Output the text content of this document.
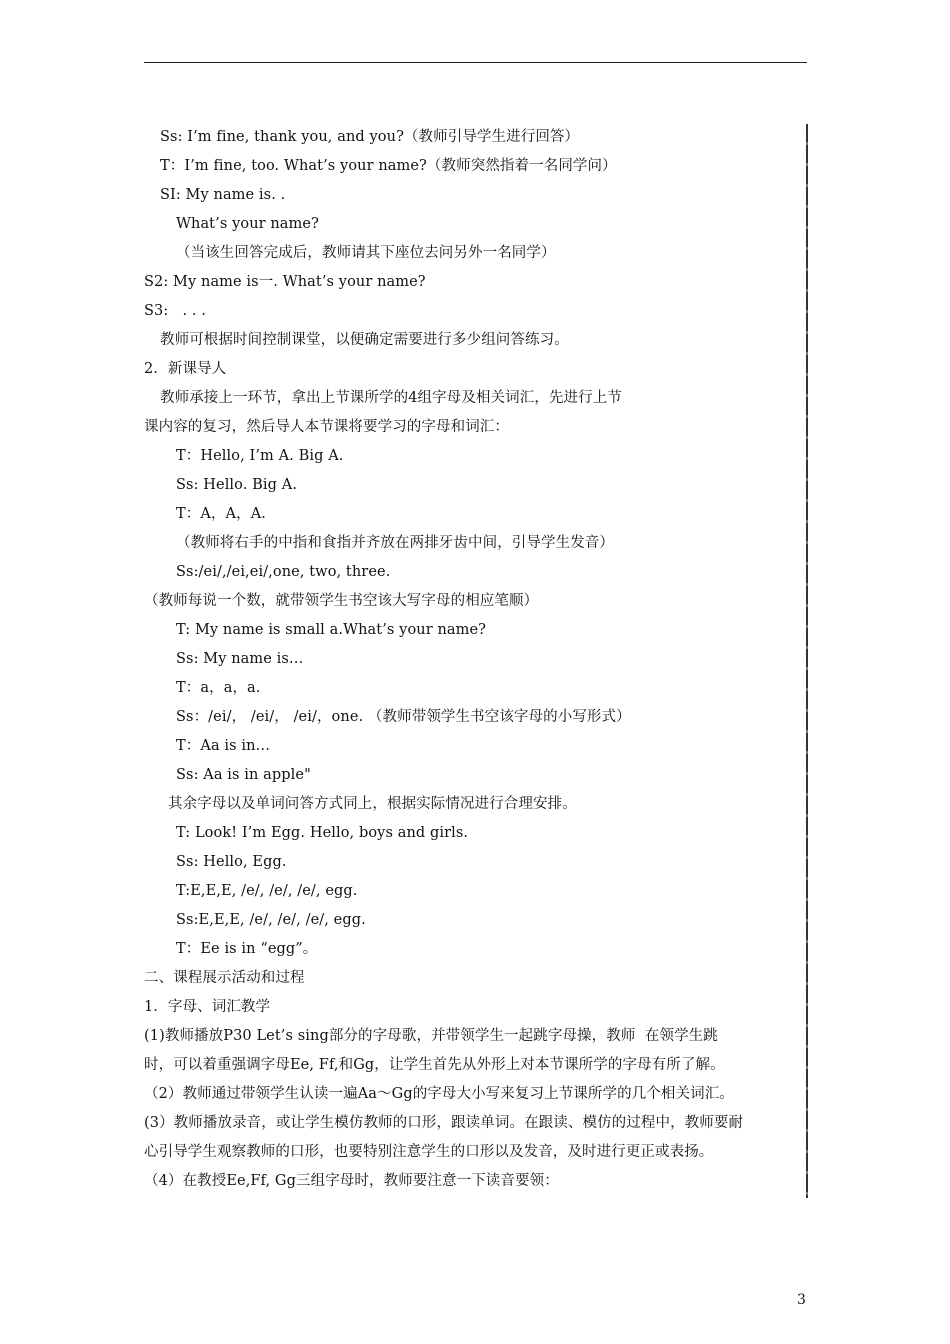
Ss: I’m fine, thank you, and you?（教师引导学生进行回答）
T：I’m fine, too. What’s your name?（教师突然指着一名同学问）
SI: My name is. .
What’s your name?
（当该生回答完成后，教师请其下座位去问另外一名同学）
S2: My name is一. What’s your name?
S3:   . . .
教师可根据时间控制课堂，以便确定需要进行多少组问答练习。
2．新课导人
教师承接上一环节，拿出上节课所学的4组字母及相关词汇，先进行上节
课内容的复习，然后导人本节课将要学习的字母和词汇：
T：Hello, I’m A. Big A.
Ss: Hello. Big A.
T：A，A，A.
（教师将右手的中指和食指并齐放在两排牙齿中间，引导学生发音）
Ss:/ei/,/ei,ei/,one, two, three.
（教师每说一个数，就带领学生书空该大写字母的相应笔顺）
T: My name is small a.What’s your name?
Ss: My name is…
T：a，a，a.
Ss：/ei/， /ei/， /ei/，one. （教师带领学生书空该字母的小写形式）
T：Aa is in…
Ss: Aa is in apple"
其余字母以及单词问答方式同上，根据实际情况进行合理安排。
T: Look! I’m Egg. Hello, boys and girls.
Ss: Hello, Egg.
T:E,E,E, /e/, /e/, /e/, egg.
Ss:E,E,E, /e/, /e/, /e/, egg.
T：Ee is in “egg”。
二、课程展示活动和过程
1．字母、词汇教学
(1)教师播放P30 Let’s sing部分的字母歌，并带领学生一起跳字母操，教师  在领学生跳
时，可以着重强调字母Ee, Ff,和Gg，让学生首先从外形上对本节课所学的字母有所了解。
（2）教师通过带领学生认读一遍Aa～Gg的字母大小写来复习上节课所学的几个相关词汇。
(3）教师播放录音，或让学生模仿教师的口形，跟读单词。在跟读、模仿的过程中，教师要耐
心引导学生观察教师的口形，也要特别注意学生的口形以及发音，及时进行更正或表扬。
（4）在教授Ee,Ff, Gg三组字母时，教师要注意一下读音要领：
3
